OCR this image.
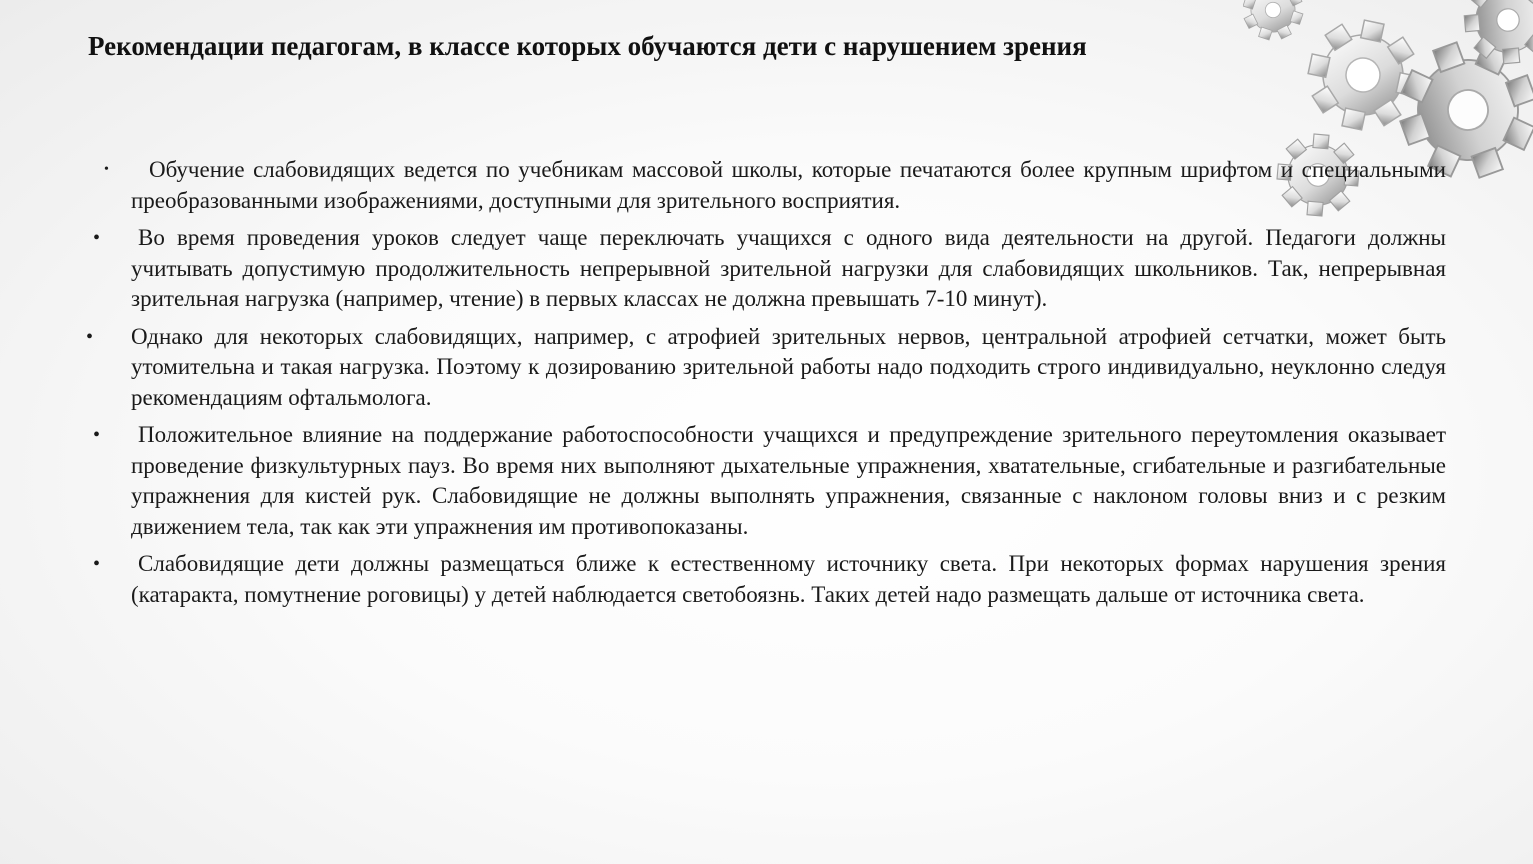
Рекомендации педагогам, в классе которых обучаются дети с нарушением зрения
• Обучение слабовидящих ведется по учебникам массовой школы, которые печатаются более крупным шрифтом и специальными преобразованными изображениями, доступными для зрительного восприятия.
• Во время проведения уроков следует чаще переключать учащихся с одного вида деятельности на другой. Педагоги должны учитывать допустимую продолжительность непрерывной зрительной нагрузки для слабовидящих школьников. Так, непрерывная зрительная нагрузка (например, чтение) в первых классах не должна превышать 7-10 минут).
• Однако для некоторых слабовидящих, например, с атрофией зрительных нервов, центральной атрофией сетчатки, может быть утомительна и такая нагрузка. Поэтому к дозированию зрительной работы надо подходить строго индивидуально, неуклонно следуя рекомендациям офтальмолога.
• Положительное влияние на поддержание работоспособности учащихся и предупреждение зрительного переутомления оказывает проведение физкультурных пауз. Во время них выполняют дыхательные упражнения, хватательные, сгибательные и разгибательные упражнения для кистей рук. Слабовидящие не должны выполнять упражнения, связанные с наклоном головы вниз и с резким движением тела, так как эти упражнения им противопоказаны.
• Слабовидящие дети должны размещаться ближе к естественному источнику света. При некоторых формах нарушения зрения (катаракта, помутнение роговицы) у детей наблюдается светобоязнь. Таких детей надо размещать дальше от источника света.
